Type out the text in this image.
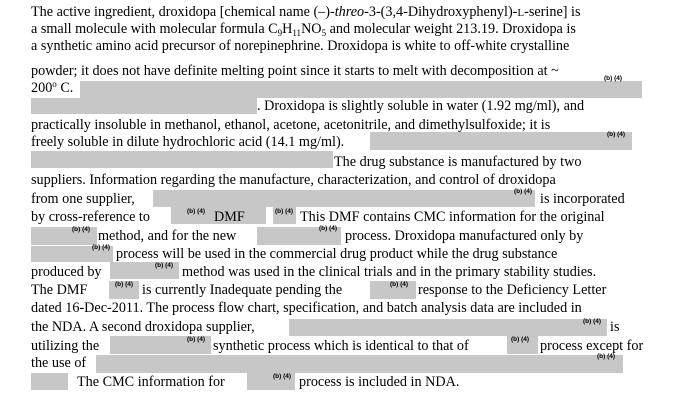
(b) (4)
(b) (4)
(b) (4)
(b) (4)	(b) (4)
(b) (4)	(b) (4)
(b) (4)
(b) (4)
(b) (4)	(b) (4)
(b) (4)
(b) (4)	(b) (4)
(b) (4)
(b) (4)
The active ingredient, droxidopa [chemical name (–)-threo-3-(3,4-Dihydroxyphenyl)-L-serine] is
a small molecule with molecular formula $C_9H_{11}NO_5$ and molecular weight 213.19. Droxidopa is
a synthetic amino acid precursor of norepinephrine. Droxidopa is white to off-white crystalline
powder; it does not have definite melting point since it starts to melt with decomposition at ~
200$^o$ C.
. Droxidopa is slightly soluble in water (1.92 mg/ml), and
practically insoluble in methanol, ethanol, acetone, acetonitrile, and dimethylsulfoxide; it is
freely soluble in dilute hydrochloric acid (14.1 mg/ml).
The drug substance is manufactured by two
suppliers. Information regarding the manufacture, characterization, and control of droxidopa
from one supplier,	is incorporated
by cross-reference to	DMF	This DMF contains CMC information for the original
method, and for the new	process. Droxidopa manufactured only by
process will be used in the commercial drug product while the drug substance
produced by	method was used in the clinical trials and in the primary stability studies.
The DMF	is currently Inadequate pending the	response to the Deficiency Letter
dated 16-Dec-2011. The process flow chart, specification, and batch analysis data are included in
the NDA. A second droxidopa supplier,	is
utilizing the	synthetic process which is identical to that of	process except for
the use of
The CMC information for	process is included in NDA.
